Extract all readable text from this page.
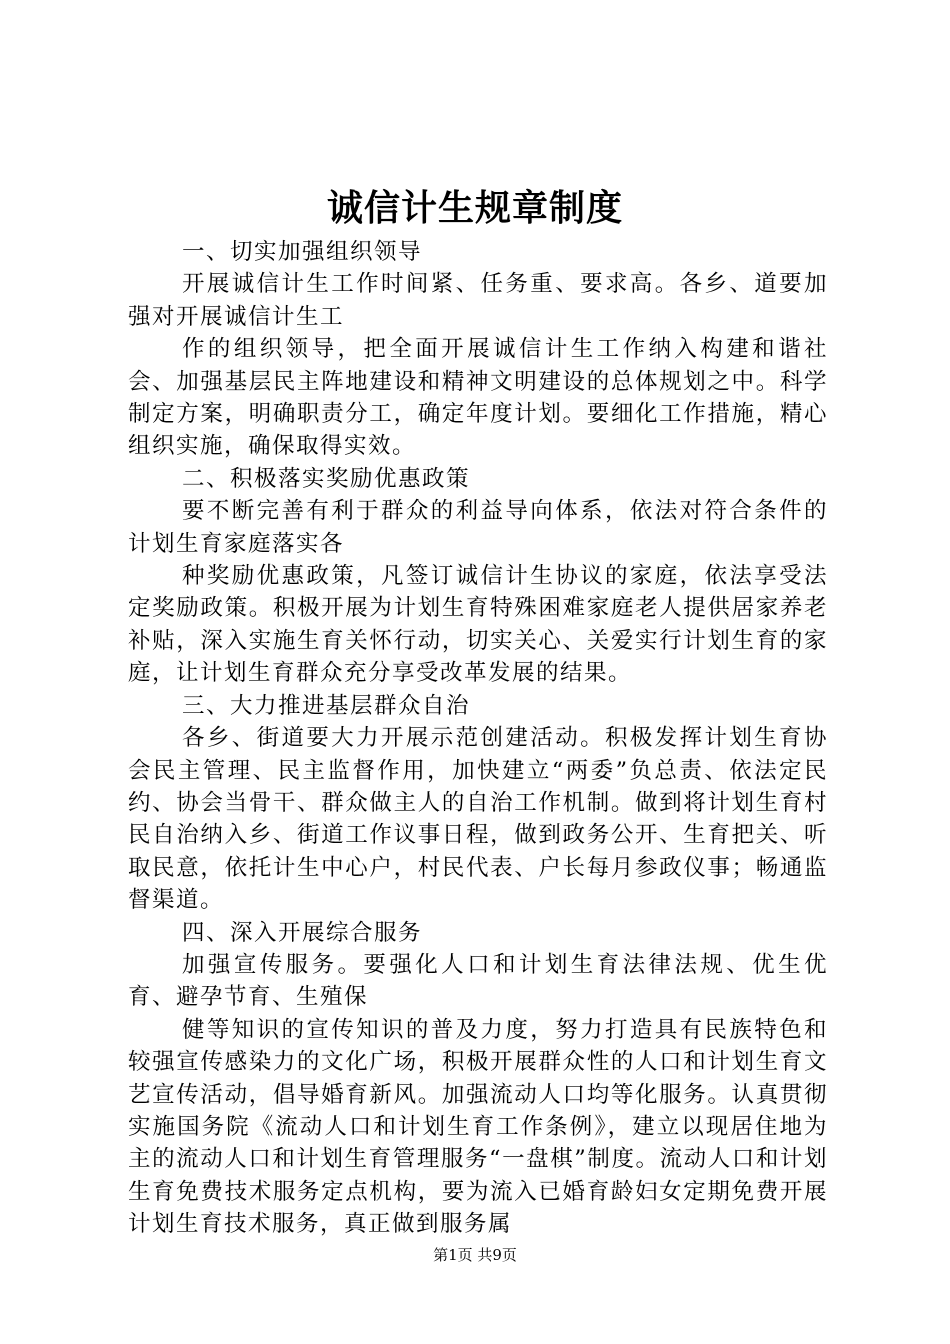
诚信计生规章制度

一、切实加强组织领导

开展诚信计生工作时间紧、任务重、要求高。各乡、道要加强对开展诚信计生工

作的组织领导，把全面开展诚信计生工作纳入构建和谐社会、加强基层民主阵地建设和精神文明建设的总体规划之中。科学制定方案，明确职责分工，确定年度计划。要细化工作措施，精心组织实施，确保取得实效。

二、积极落实奖励优惠政策

要不断完善有利于群众的利益导向体系，依法对符合条件的计划生育家庭落实各

种奖励优惠政策，凡签订诚信计生协议的家庭，依法享受法定奖励政策。积极开展为计划生育特殊困难家庭老人提供居家养老补贴，深入实施生育关怀行动，切实关心、关爱实行计划生育的家庭，让计划生育群众充分享受改革发展的结果。

三、大力推进基层群众自治

各乡、街道要大力开展示范创建活动。积极发挥计划生育协会民主管理、民主监督作用，加快建立“两委”负总责、依法定民约、协会当骨干、群众做主人的自治工作机制。做到将计划生育村民自治纳入乡、街道工作议事日程，做到政务公开、生育把关、听取民意，依托计生中心户，村民代表、户长每月参政仪事；畅通监督渠道。

四、深入开展综合服务

加强宣传服务。要强化人口和计划生育法律法规、优生优育、避孕节育、生殖保

健等知识的宣传知识的普及力度，努力打造具有民族特色和较强宣传感染力的文化广场，积极开展群众性的人口和计划生育文艺宣传活动，倡导婚育新风。加强流动人口均等化服务。认真贯彻实施国务院《流动人口和计划生育工作条例》，建立以现居住地为主的流动人口和计划生育管理服务“一盘棋”制度。流动人口和计划生育免费技术服务定点机构，要为流入已婚育龄妇女定期免费开展计划生育技术服务，真正做到服务属

第1页 共9页
